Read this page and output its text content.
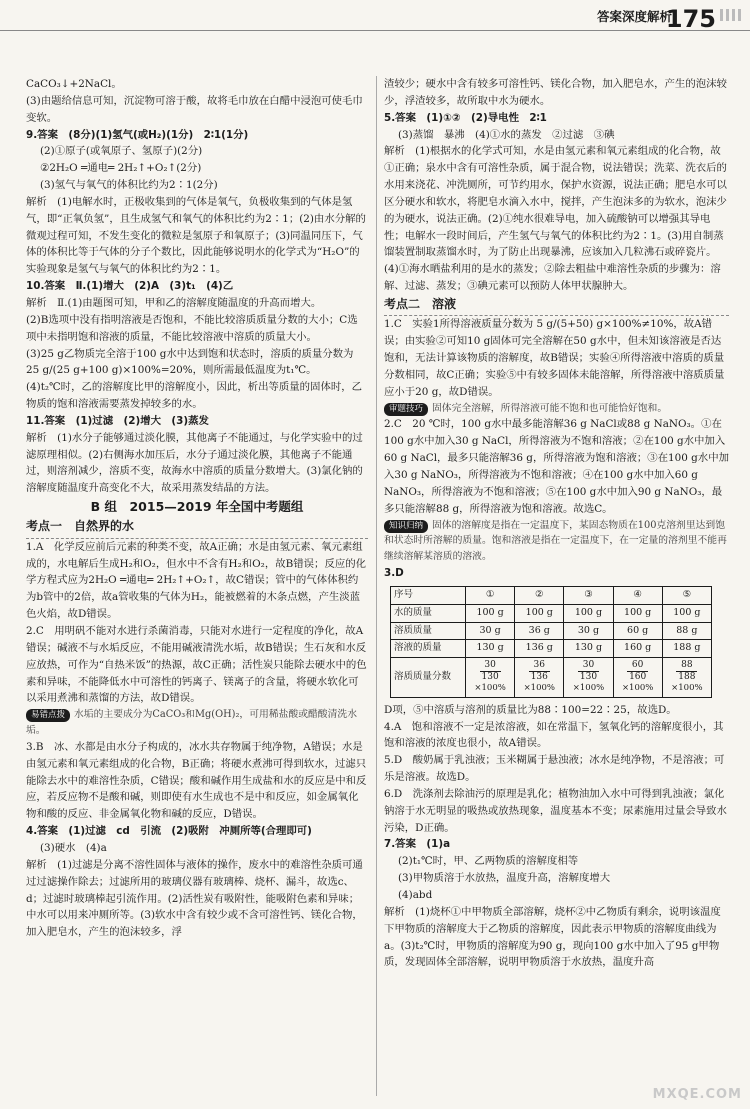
答案深度解析
175

CaCO₃↓+2NaCl。

(3)由题给信息可知，沉淀物可溶于酸，故将毛巾放在白醋中浸泡可使毛巾变软。

9.答案　(8分)(1)氢气(或H₂)(1分)　2∶1(1分)

(2)①原子(或氧原子、氢原子)(2分)

②2H₂O ═通电═ 2H₂↑+O₂↑(2分)

(3)氢气与氧气的体积比约为2∶1(2分)

解析　(1)电解水时，正极收集到的气体是氧气，负极收集到的气体是氢气，即“正氧负氢”，且生成氢气和氧气的体积比约为2∶1；(2)由水分解的微观过程可知，不发生变化的微粒是氢原子和氧原子；(3)同温同压下，气体的体积比等于气体的分子个数比，因此能够说明水的化学式为“H₂O”的实验现象是氢气与氧气的体积比约为2∶1。

10.答案　Ⅱ.(1)增大　(2)A　(3)t₁　(4)乙

解析　Ⅱ.(1)由题图可知，甲和乙的溶解度随温度的升高而增大。

(2)B选项中没有指明溶液是否饱和，不能比较溶质质量分数的大小；C选项中未指明饱和溶液的质量，不能比较溶液中溶质的质量大小。

(3)25 g乙物质完全溶于100 g水中达到饱和状态时，溶质的质量分数为 25 g/(25 g+100 g)×100%=20%，则所需最低温度为t₁℃。

(4)t₂℃时，乙的溶解度比甲的溶解度小，因此，析出等质量的固体时，乙物质的饱和溶液需要蒸发掉较多的水。

11.答案　(1)过滤　(2)增大　(3)蒸发

解析　(1)水分子能够通过淡化膜，其他离子不能通过，与化学实验中的过滤原理相似。(2)右侧海水加压后，水分子通过淡化膜，其他离子不能通过，则溶剂减少，溶质不变，故海水中溶质的质量分数增大。(3)氯化钠的溶解度随温度升高变化不大，故采用蒸发结晶的方法。

B 组　2015—2019 年全国中考题组

考点一　自然界的水

1.A　化学反应前后元素的种类不变，故A正确；水是由氢元素、氧元素组成的，水电解后生成H₂和O₂，但水中不含有H₂和O₂，故B错误；反应的化学方程式应为2H₂O ═通电═ 2H₂↑+O₂↑，故C错误；管中的气体体积约为b管中的2倍，故a管收集的气体为H₂，能被燃着的木条点燃，产生淡蓝色火焰，故D错误。

2.C　用明矾不能对水进行杀菌消毒，只能对水进行一定程度的净化，故A错误；碱液不与水垢反应，不能用碱液清洗水垢，故B错误；生石灰和水反应放热，可作为“自热米饭”的热源，故C正确；活性炭只能除去硬水中的色素和异味，不能降低水中可溶性的钙离子、镁离子的含量，将硬水软化可以采用煮沸和蒸馏的方法，故D错误。

易错点拨 水垢的主要成分为CaCO₃和Mg(OH)₂，可用稀盐酸或醋酸清洗水垢。

3.B　冰、水都是由水分子构成的，冰水共存物属于纯净物，A错误；水是由氢元素和氧元素组成的化合物，B正确；将硬水煮沸可得到软水，过滤只能除去水中的难溶性杂质，C错误；酸和碱作用生成盐和水的反应是中和反应，若反应物不是酸和碱，则即使有水生成也不是中和反应，如金属氧化物和酸的反应、非金属氧化物和碱的反应，D错误。

4.答案　(1)过滤　cd　引流　(2)吸附　冲厕所等(合理即可)

(3)硬水　(4)a

解析　(1)过滤是分离不溶性固体与液体的操作，废水中的难溶性杂质可通过过滤操作除去；过滤所用的玻璃仪器有玻璃棒、烧杯、漏斗，故选c、d；过滤时玻璃棒起引流作用。(2)活性炭有吸附性，能吸附色素和异味；中水可以用来冲厕所等。(3)软水中含有较少或不含可溶性钙、镁化合物，加入肥皂水，产生的泡沫较多，浮

渣较少；硬水中含有较多可溶性钙、镁化合物，加入肥皂水，产生的泡沫较少，浮渣较多，故所取中水为硬水。

5.答案　(1)①②　(2)导电性　2∶1

(3)蒸馏　暴沸　(4)①水的蒸发　②过滤　③碘

解析　(1)根据水的化学式可知，水是由氢元素和氧元素组成的化合物，故①正确；泉水中含有可溶性杂质，属于混合物，说法错误；洗菜、洗衣后的水用来浇花、冲洗厕所，可节约用水，保护水资源，说法正确；肥皂水可以区分硬水和软水，将肥皂水滴入水中，搅拌，产生泡沫多的为软水，泡沫少的为硬水，说法正确。(2)①纯水很难导电，加入硫酸钠可以增强其导电性；电解水一段时间后，产生氢气与氧气的体积比约为2∶1。(3)用自制蒸馏装置制取蒸馏水时，为了防止出现暴沸，应该加入几粒沸石或碎瓷片。(4)①海水晒盐利用的是水的蒸发；②除去粗盐中难溶性杂质的步骤为：溶解、过滤、蒸发；③碘元素可以预防人体甲状腺肿大。

考点二　溶液

1.C　实验1所得溶液质量分数为 5 g/(5+50) g×100%≠10%，故A错误；由实验②可知10 g固体可完全溶解在50 g水中，但未知该溶液是否达饱和，无法计算该物质的溶解度，故B错误；实验④所得溶液中溶质的质量分数相同，故C正确；实验⑤中有较多固体未能溶解，所得溶液中溶质质量应小于20 g，故D错误。

审题技巧 固体完全溶解，所得溶液可能不饱和也可能恰好饱和。

2.C　20 ℃时，100 g水中最多能溶解36 g NaCl或88 g NaNO₃。①在100 g水中加入30 g NaCl，所得溶液为不饱和溶液；②在100 g水中加入60 g NaCl，最多只能溶解36 g，所得溶液为饱和溶液；③在100 g水中加入30 g NaNO₃，所得溶液为不饱和溶液；④在100 g水中加入60 g NaNO₃，所得溶液为不饱和溶液；⑤在100 g水中加入90 g NaNO₃，最多只能溶解88 g，所得溶液为饱和溶液。故选C。

知识归纳 固体的溶解度是指在一定温度下，某固态物质在100克溶剂里达到饱和状态时所溶解的质量。饱和溶液是指在一定温度下，在一定量的溶剂里不能再继续溶解某溶质的溶液。

3.D

序号	①	②	③	④	⑤
水的质量	100 g	100 g	100 g	100 g	100 g
溶质质量	30 g	36 g	30 g	60 g	88 g
溶液的质量	130 g	136 g	130 g	160 g	188 g
溶质质量分数	$\frac{30}{130}$
×100%	$\frac{36}{136}$
×100%	$\frac{30}{130}$
×100%	$\frac{60}{160}$
×100%	$\frac{88}{188}$
×100%

D项，⑤中溶质与溶剂的质量比为88∶100=22∶25，故选D。

4.A　饱和溶液不一定是浓溶液，如在常温下，氢氧化钙的溶解度很小，其饱和溶液的浓度也很小，故A错误。

5.D　酸奶属于乳浊液；玉米糊属于悬浊液；冰水是纯净物，不是溶液；可乐是溶液。故选D。

6.D　洗涤剂去除油污的原理是乳化；植物油加入水中可得到乳浊液；氯化钠溶于水无明显的吸热或放热现象，温度基本不变；尿素施用过量会导致水污染，D正确。

7.答案　(1)a

(2)t₁℃时，甲、乙两物质的溶解度相等

(3)甲物质溶于水放热，温度升高，溶解度增大

(4)abd

解析　(1)烧杯①中甲物质全部溶解，烧杯②中乙物质有剩余，说明该温度下甲物质的溶解度大于乙物质的溶解度，因此表示甲物质的溶解度曲线为a。(3)t₂℃时，甲物质的溶解度为90 g，现向100 g水中加入了95 g甲物质，发现固体全部溶解，说明甲物质溶于水放热，温度升高

MXQE.COM
